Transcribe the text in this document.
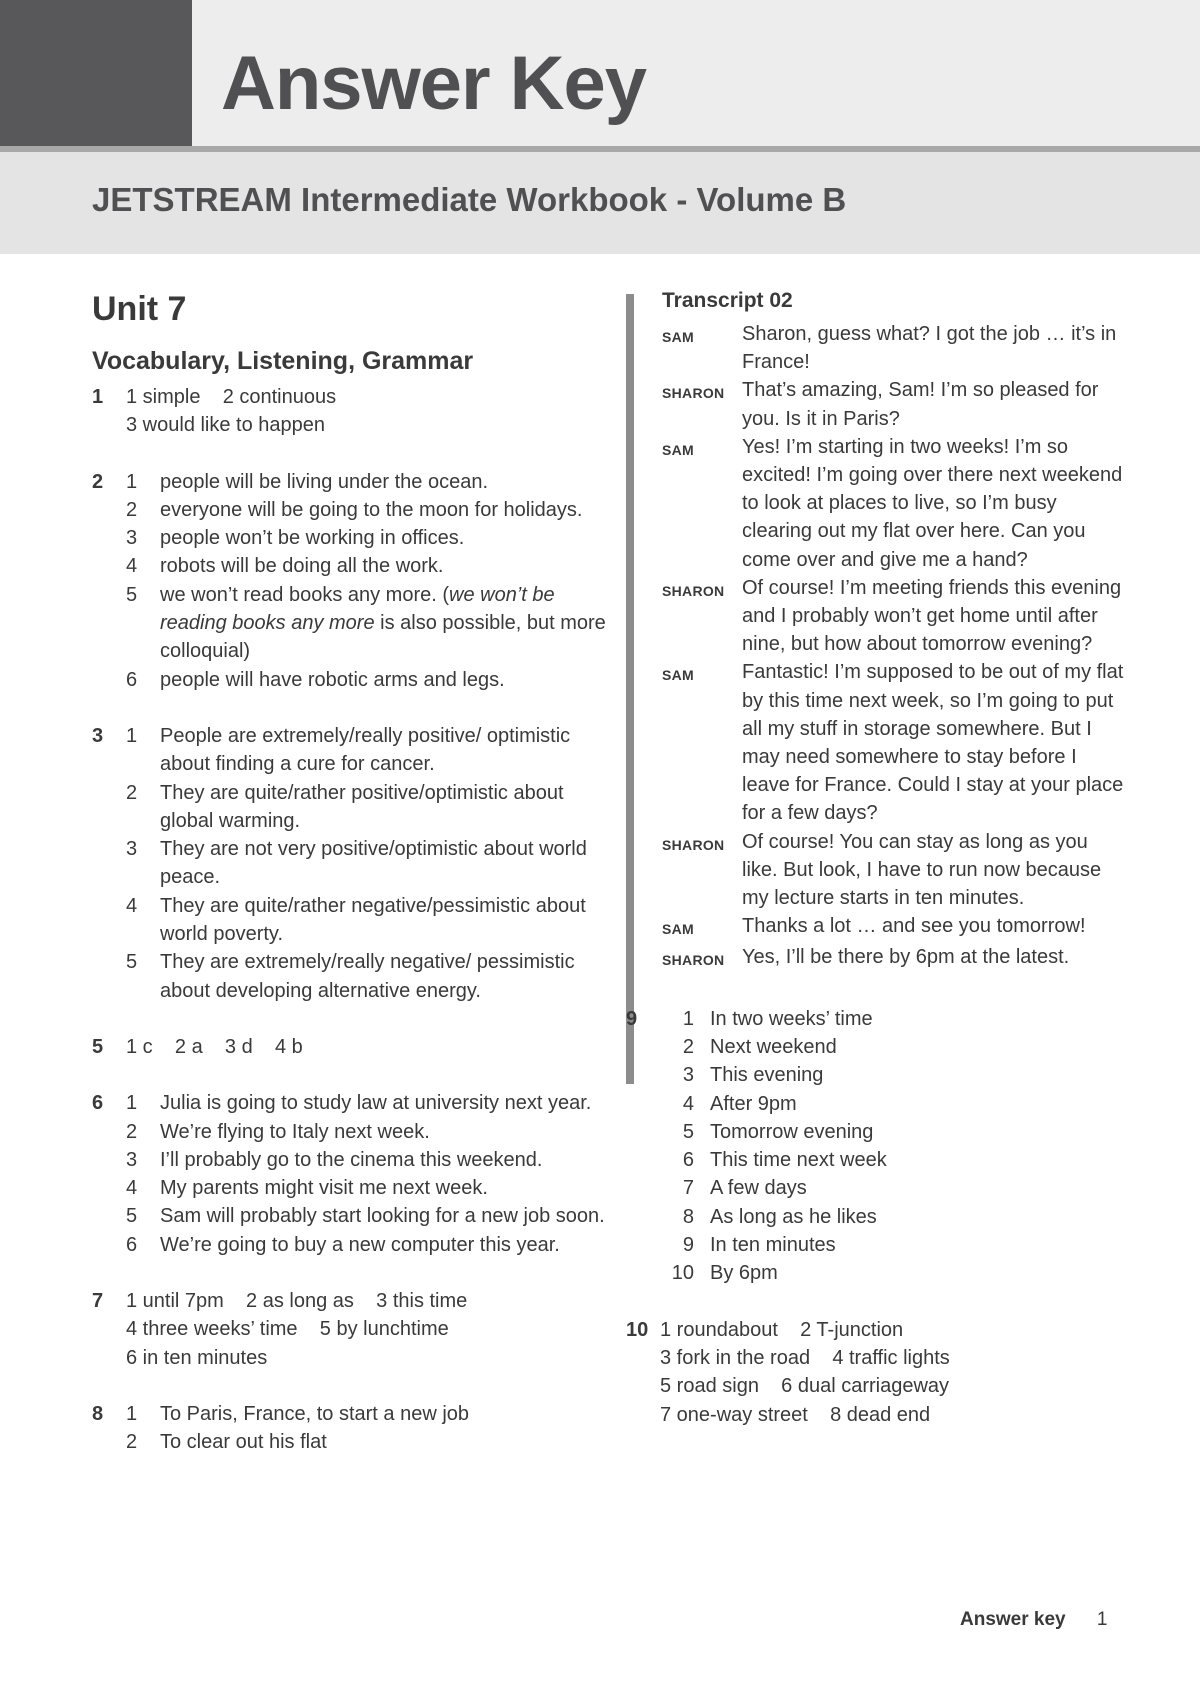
Answer Key
JETSTREAM Intermediate Workbook - Volume B
Unit 7
Vocabulary, Listening, Grammar
1	1 simple    2 continuous
3 would like to happen
2	1	people will be living under the ocean.
2	everyone will be going to the moon for holidays.
3	people won’t be working in offices.
4	robots will be doing all the work.
5	we won’t read books any more. (we won’t be reading books any more is also possible, but more colloquial)
6	people will have robotic arms and legs.
3	1	People are extremely/really positive/ optimistic about finding a cure for cancer.
2	They are quite/rather positive/optimistic about global warming.
3	They are not very positive/optimistic about world peace.
4	They are quite/rather negative/pessimistic about world poverty.
5	They are extremely/really negative/ pessimistic about developing alternative energy.
5	1 c    2 a    3 d    4 b
6	1	Julia is going to study law at university next year.
2	We’re flying to Italy next week.
3	I’ll probably go to the cinema this weekend.
4	My parents might visit me next week.
5	Sam will probably start looking for a new job soon.
6	We’re going to buy a new computer this year.
7	1 until 7pm    2 as long as    3 this time
4 three weeks’ time    5 by lunchtime
6 in ten minutes
8	1	To Paris, France, to start a new job
2	To clear out his flat
Transcript 02
SAM	Sharon, guess what? I got the job … it’s in France!
SHARON That’s amazing, Sam! I’m so pleased for you. Is it in Paris?
SAM	Yes! I’m starting in two weeks! I’m so excited! I’m going over there next weekend to look at places to live, so I’m busy clearing out my flat over here. Can you come over and give me a hand?
SHARON Of course! I’m meeting friends this evening and I probably won’t get home until after nine, but how about tomorrow evening?
SAM	Fantastic! I’m supposed to be out of my flat by this time next week, so I’m going to put all my stuff in storage somewhere. But I may need somewhere to stay before I leave for France. Could I stay at your place for a few days?
SHARON Of course! You can stay as long as you like. But look, I have to run now because my lecture starts in ten minutes.
SAM	Thanks a lot … and see you tomorrow!
SHARON Yes, I’ll be there by 6pm at the latest.
9	1 In two weeks’ time
2 Next weekend
3 This evening
4 After 9pm
5 Tomorrow evening
6 This time next week
7 A few days
8 As long as he likes
9 In ten minutes
10 By 6pm
10 1 roundabout    2 T-junction
3 fork in the road    4 traffic lights
5 road sign    6 dual carriageway
7 one-way street    8 dead end
Answer key 1
